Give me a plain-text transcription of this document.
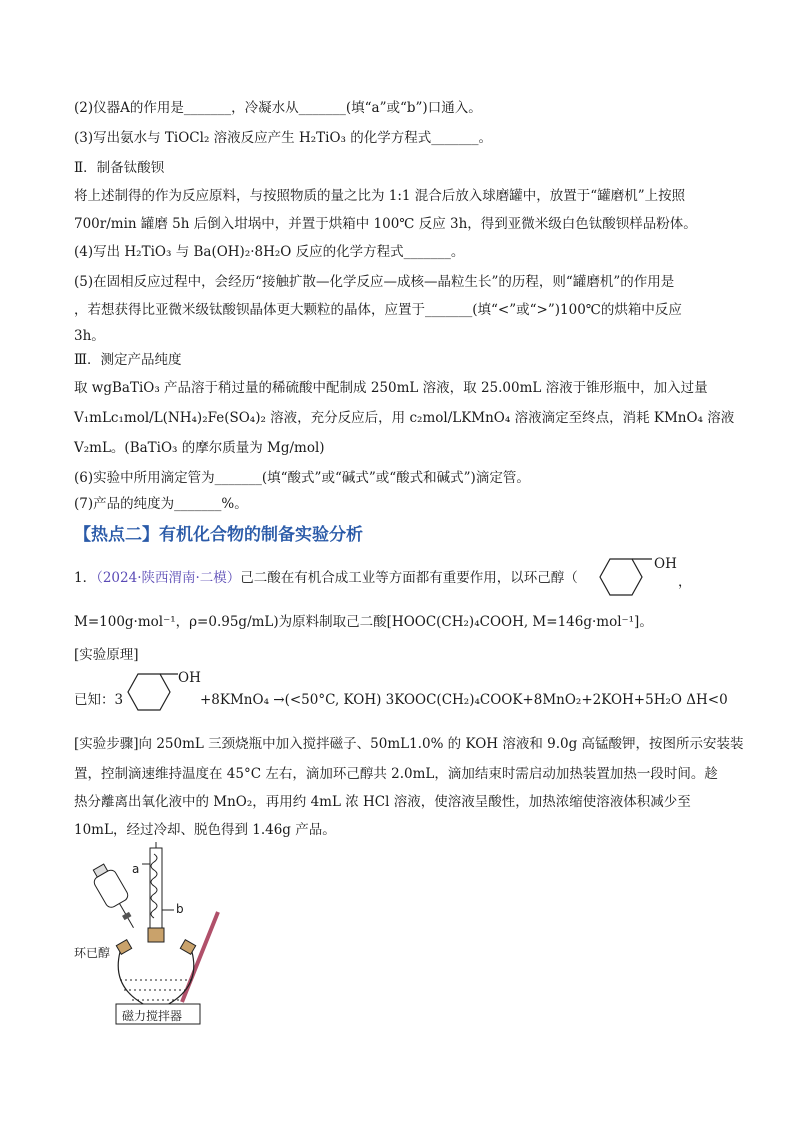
(2)仪器A的作用是_______，冷凝水从_______(填“a”或“b”)口通入。
(3)写出氨水与 TiOCl₂ 溶液反应产生 H₂TiO₃ 的化学方程式_______。
Ⅱ．制备钛酸钡
将上述制得的作为反应原料，与按照物质的量之比为 1:1 混合后放入球磨罐中，放置于“罐磨机”上按照
700r/min 罐磨 5h 后倒入坩埚中，并置于烘箱中 100℃ 反应 3h，得到亚微米级白色钛酸钡样品粉体。
(4)写出 H₂TiO₃ 与 Ba(OH)₂·8H₂O 反应的化学方程式_______。
(5)在固相反应过程中，会经历“接触扩散—化学反应—成核—晶粒生长”的历程，则“罐磨机”的作用是
，若想获得比亚微米级钛酸钡晶体更大颗粒的晶体，应置于_______(填“<”或“>”)100℃的烘箱中反应
3h。
Ⅲ．测定产品纯度
取 wgBaTiO₃ 产品溶于稍过量的稀硫酸中配制成 250mL 溶液，取 25.00mL 溶液于锥形瓶中，加入过量
V₁mLc₁mol/L(NH₄)₂Fe(SO₄)₂ 溶液，充分反应后，用 c₂mol/LKMnO₄ 溶液滴定至终点，消耗 KMnO₄ 溶液
V₂mL。(BaTiO₃ 的摩尔质量为 Mg/mol)
(6)实验中所用滴定管为_______(填“酸式”或“碱式”或“酸式和碱式”)滴定管。
(7)产品的纯度为_______%。
【热点二】有机化合物的制备实验分析
1．（2024·陕西渭南·二模）己二酸在有机合成工业等方面都有重要作用，以环己醇（
OH
，
M=100g·mol⁻¹，ρ=0.95g/mL)为原料制取己二酸[HOOC(CH₂)₄COOH, M=146g·mol⁻¹]。
[实验原理]
已知：3
OH
+8KMnO₄ →(<50°C, KOH) 3KOOC(CH₂)₄COOK+8MnO₂+2KOH+5H₂O ΔH<0
[实验步骤]向 250mL 三颈烧瓶中加入搅拌磁子、50mL1.0% 的 KOH 溶液和 9.0g 高锰酸钾，按图所示安装装
置，控制滴速维持温度在 45°C 左右，滴加环己醇共 2.0mL，滴加结束时需启动加热装置加热一段时间。趁
热分離离出氧化液中的 MnO₂，再用约 4mL 浓 HCl 溶液，使溶液呈酸性，加热浓缩使溶液体积减少至
10mL，经过冷却、脱色得到 1.46g 产品。
a
b
环已醇
磁力搅拌器
